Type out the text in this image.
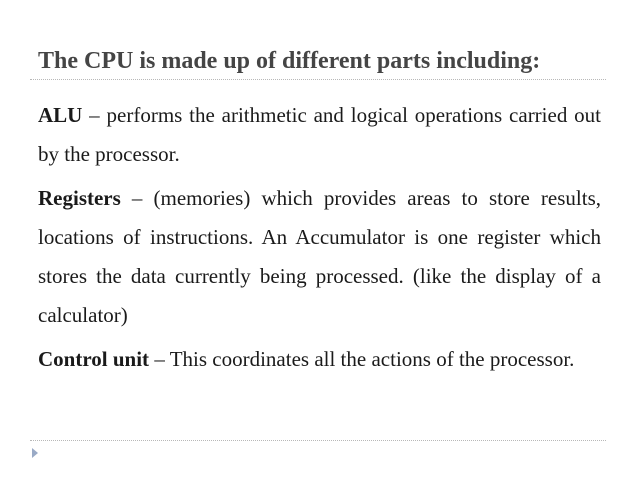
The CPU is made up of different parts including:

ALU – performs the arithmetic and logical operations carried out by the processor.

Registers – (memories) which provides areas to store results, locations of instructions. An Accumulator is one register which stores the data currently being processed. (like the display of a calculator)

Control unit – This coordinates all the actions of the processor.
